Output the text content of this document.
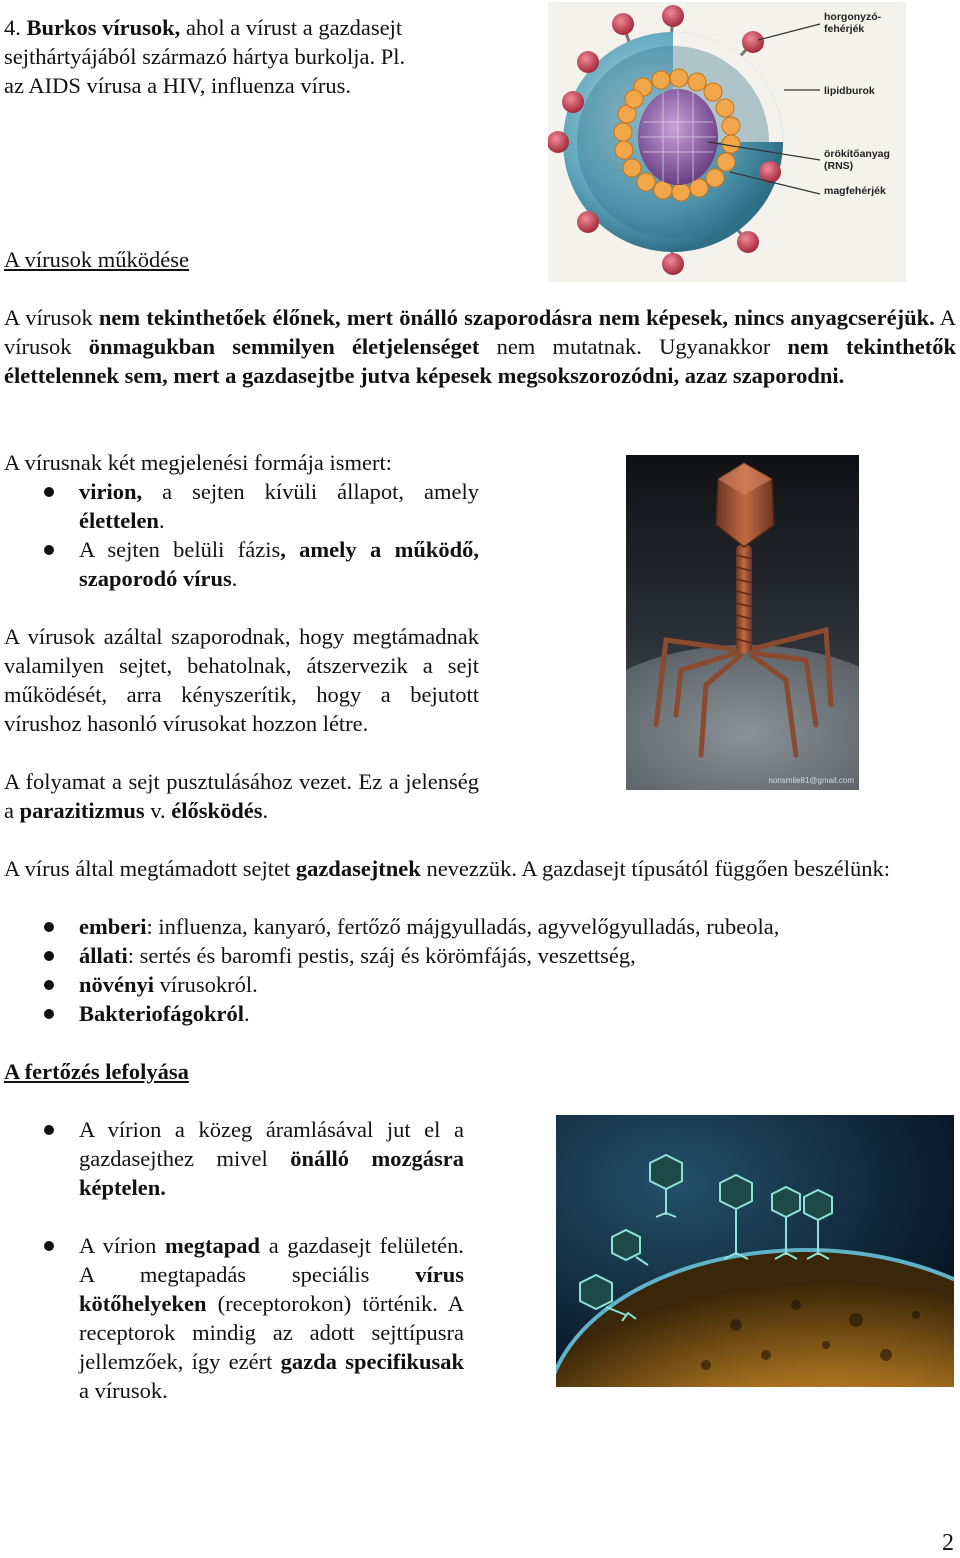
4. Burkos vírusok, ahol a vírust a gazdasejt
sejthártyájából származó hártya burkolja. Pl.
az AIDS vírusa a HIV, influenza vírus.
horgonyzó-fehérjék
lipidburok
örökítőanyag (RNS)
magfehérjék
A vírusok működése
A vírusok nem tekinthetőek élőnek, mert önálló szaporodásra nem képesek, nincs anyagcseréjük. A vírusok önmagukban semmilyen életjelenséget nem mutatnak. Ugyanakkor nem tekinthetők élettelennek sem, mert a gazdasejtbe jutva képesek megsokszorozódni, azaz szaporodni.
A vírusnak két megjelenési formája ismert:
virion, a sejten kívüli állapot, amely élettelen.
A sejten belüli fázis, amely a működő, szaporodó vírus.
A vírusok azáltal szaporodnak, hogy megtámadnak valamilyen sejtet, behatolnak, átszervezik a sejt működését, arra kényszerítik, hogy a bejutott vírushoz hasonló vírusokat hozzon létre.
A folyamat a sejt pusztulásához vezet. Ez a jelenség a parazitizmus v. élősködés.
nonsmile81@gmail.com
A vírus által megtámadott sejtet gazdasejtnek nevezzük. A gazdasejt típusától függően beszélünk:
emberi: influenza, kanyaró, fertőző májgyulladás, agyvelőgyulladás, rubeola,
állati: sertés és baromfi pestis, száj és körömfájás, veszettség,
növényi vírusokról.
Bakteriofágokról.
A fertőzés lefolyása
A vírion a közeg áramlásával jut el a gazdasejthez mivel önálló mozgásra képtelen.
A vírion megtapad a gazdasejt felületén. A megtapadás speciális vírus kötőhelyeken (receptorokon) történik. A receptorok mindig az adott sejttípusra jellemzőek, így ezért gazda specifikusak a vírusok.
2
